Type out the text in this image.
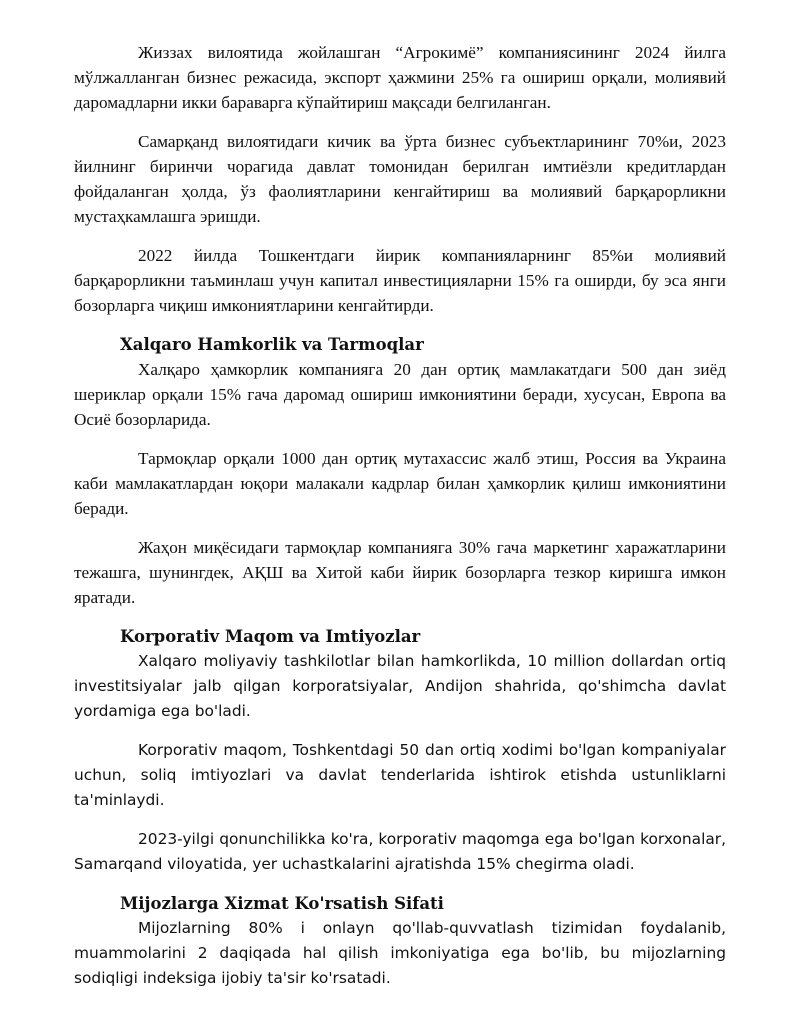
Жиззах вилоятида жойлашган “Агрокимё” компаниясининг 2024 йилга мўлжалланган бизнес режасида, экспорт ҳажмини 25% га ошириш орқали, молиявий даромадларни икки бараварга кўпайтириш мақсади белгиланган.

Самарқанд вилоятидаги кичик ва ўрта бизнес субъектларининг 70%и, 2023 йилнинг биринчи чорагида давлат томонидан берилган имтиёзли кредитлардан фойдаланган ҳолда, ўз фаолиятларини кенгайтириш ва молиявий барқарорликни мустаҳкамлашга эришди.

2022 йилда Тошкентдаги йирик компанияларнинг 85%и молиявий барқарорликни таъминлаш учун капитал инвестицияларни 15% га оширди, бу эса янги бозорларга чиқиш имкониятларини кенгайтирди.

Xalqaro Hamkorlik va Tarmoqlar

Халқаро ҳамкорлик компанияга 20 дан ортиқ мамлакатдаги 500 дан зиёд шериклар орқали 15% гача даромад ошириш имкониятини беради, хусусан, Европа ва Осиё бозорларида.

Тармоқлар орқали 1000 дан ортиқ мутахассис жалб этиш, Россия ва Украина каби мамлакатлардан юқори малакали кадрлар билан ҳамкорлик қилиш имкониятини беради.

Жаҳон миқёсидаги тармоқлар компанияга 30% гача маркетинг харажатларини тежашга, шунингдек, АҚШ ва Хитой каби йирик бозорларга тезкор киришга имкон яратади.

Korporativ Maqom va Imtiyozlar

Xalqaro moliyaviy tashkilotlar bilan hamkorlikda, 10 million dollardan ortiq investitsiyalar jalb qilgan korporatsiyalar, Andijon shahrida, qo'shimcha davlat yordamiga ega bo'ladi.

Korporativ maqom, Toshkentdagi 50 dan ortiq xodimi bo'lgan kompaniyalar uchun, soliq imtiyozlari va davlat tenderlarida ishtirok etishda ustunliklarni ta'minlaydi.

2023-yilgi qonunchilikka ko'ra, korporativ maqomga ega bo'lgan korxonalar, Samarqand viloyatida, yer uchastkalarini ajratishda 15% chegirma oladi.

Mijozlarga Xizmat Ko'rsatish Sifati

Mijozlarning 80% i onlayn qo'llab-quvvatlash tizimidan foydalanib, muammolarini 2 daqiqada hal qilish imkoniyatiga ega bo'lib, bu mijozlarning sodiqligi indeksiga ijobiy ta'sir ko'rsatadi.
